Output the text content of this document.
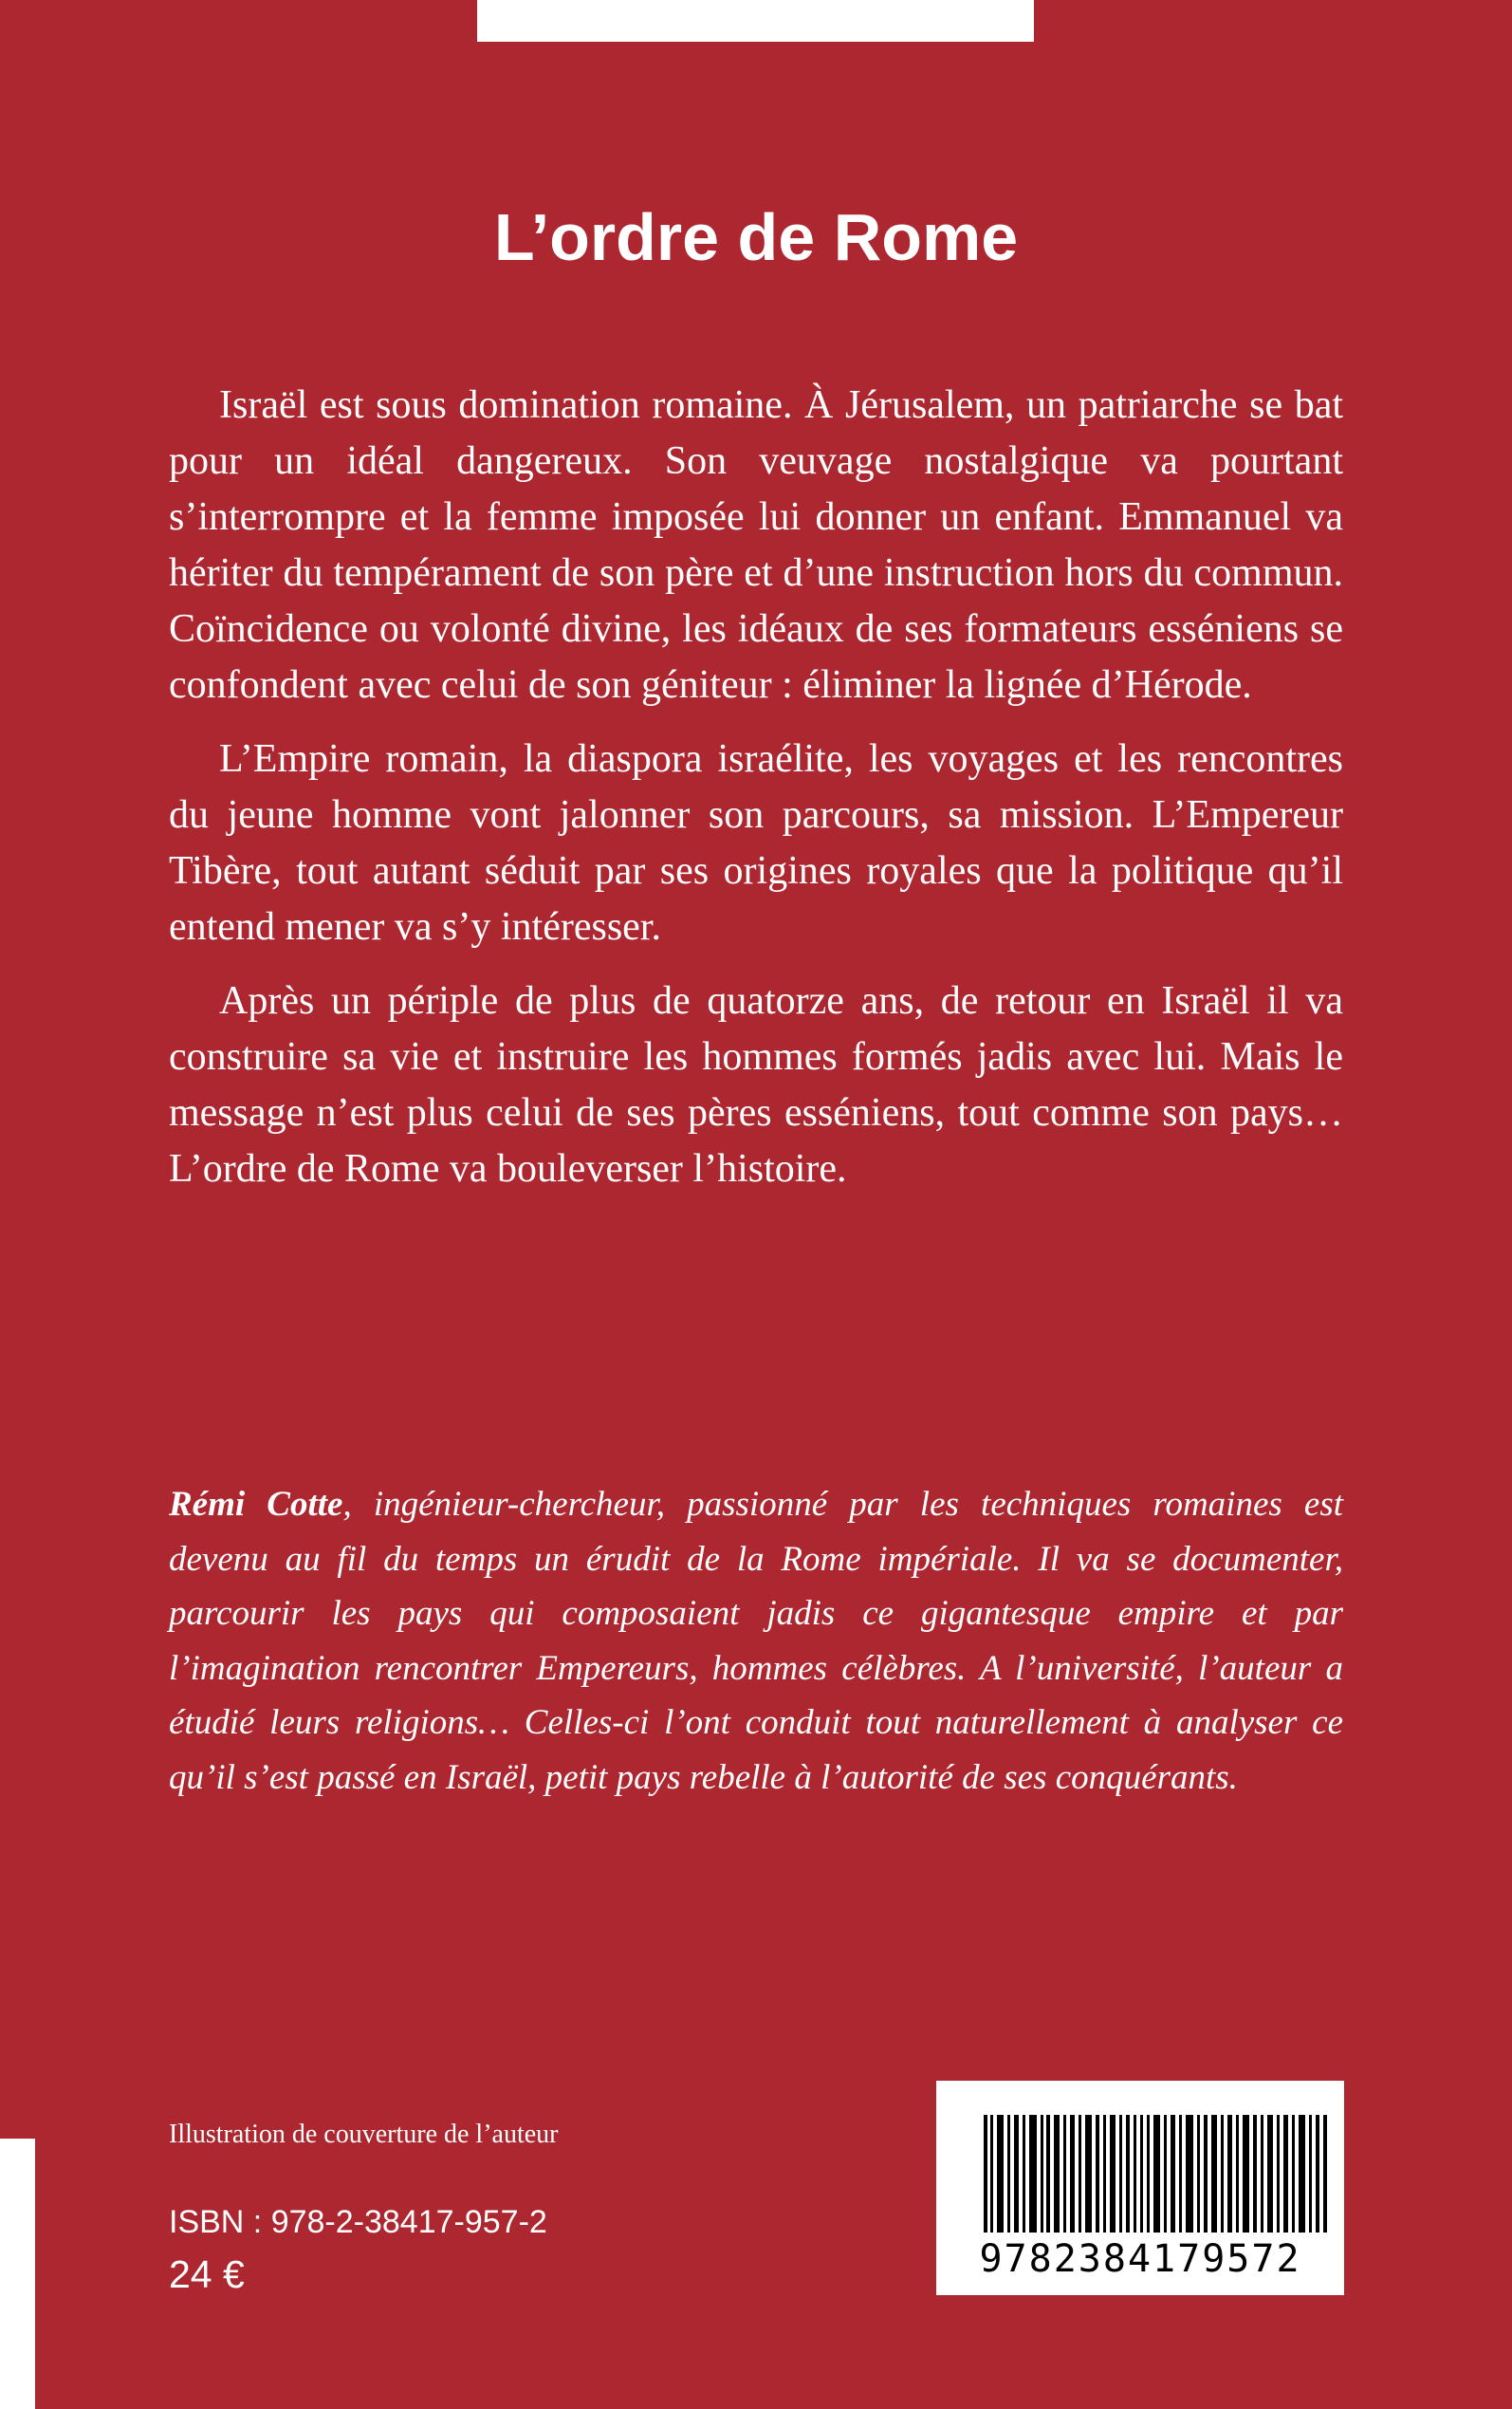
L’ordre de Rome

Israël est sous domination romaine. À Jérusalem, un patriarche se bat pour un idéal dangereux. Son veuvage nostalgique va pourtant s’interrompre et la femme imposée lui donner un enfant. Emmanuel va hériter du tempérament de son père et d’une instruction hors du commun. Coïncidence ou volonté divine, les idéaux de ses formateurs esséniens se confondent avec celui de son géniteur : éliminer la lignée d’Hérode.

L’Empire romain, la diaspora israélite, les voyages et les rencontres du jeune homme vont jalonner son parcours, sa mission. L’Empereur Tibère, tout autant séduit par ses origines royales que la politique qu’il entend mener va s’y intéresser.

Après un périple de plus de quatorze ans, de retour en Israël il va construire sa vie et instruire les hommes formés jadis avec lui. Mais le message n’est plus celui de ses pères esséniens, tout comme son pays… L’ordre de Rome va bouleverser l’histoire.

Rémi Cotte, ingénieur-chercheur, passionné par les techniques romaines est devenu au fil du temps un érudit de la Rome impériale. Il va se documenter, parcourir les pays qui composaient jadis ce gigantesque empire et par l’imagination rencontrer Empereurs, hommes célèbres. A l’université, l’auteur a étudié leurs religions… Celles-ci l’ont conduit tout naturellement à analyser ce qu’il s’est passé en Israël, petit pays rebelle à l’autorité de ses conquérants.

Illustration de couverture de l’auteur
ISBN : 978-2-38417-957-2
24 €	9782384179572
